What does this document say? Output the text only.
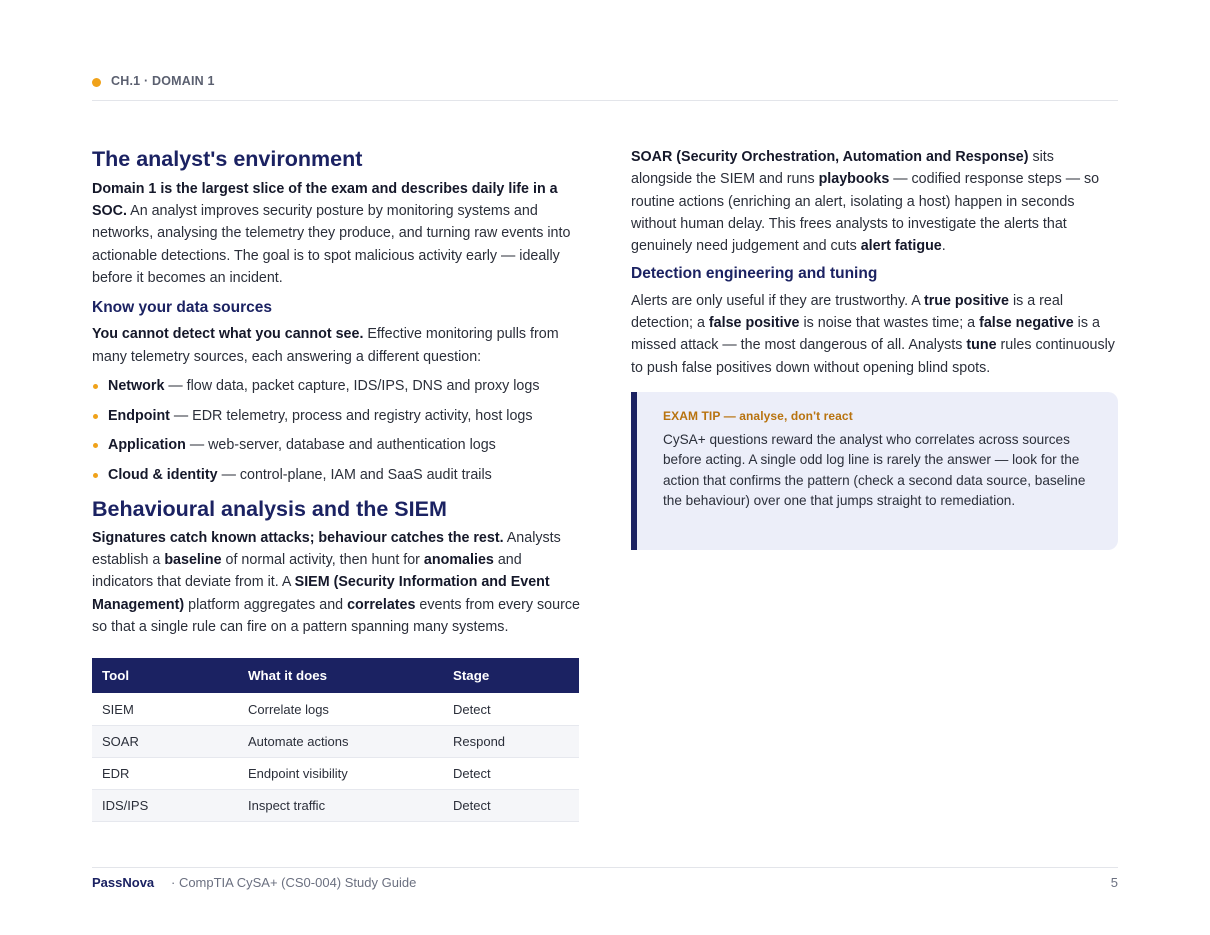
CH.1 · DOMAIN 1
The analyst's environment

Domain 1 is the largest slice of the exam and describes daily life in a SOC. An analyst improves security posture by monitoring systems and networks, analysing the telemetry they produce, and turning raw events into actionable detections. The goal is to spot malicious activity early — ideally before it becomes an incident.

Know your data sources

You cannot detect what you cannot see. Effective monitoring pulls from many telemetry sources, each answering a different question:

Network — flow data, packet capture, IDS/IPS, DNS and proxy logs
Endpoint — EDR telemetry, process and registry activity, host logs
Application — web-server, database and authentication logs
Cloud & identity — control-plane, IAM and SaaS audit trails
Behavioural analysis and the SIEM

Signatures catch known attacks; behaviour catches the rest. Analysts establish a baseline of normal activity, then hunt for anomalies and indicators that deviate from it. A SIEM (Security Information and Event Management) platform aggregates and correlates events from every source so that a single rule can fire on a pattern spanning many systems.

Tool	What it does	Stage
SIEM	Correlate logs	Detect
SOAR	Automate actions	Respond
EDR	Endpoint visibility	Detect
IDS/IPS	Inspect traffic	Detect

SOAR (Security Orchestration, Automation and Response) sits alongside the SIEM and runs playbooks — codified response steps — so routine actions (enriching an alert, isolating a host) happen in seconds without human delay. This frees analysts to investigate the alerts that genuinely need judgement and cuts alert fatigue.

Detection engineering and tuning

Alerts are only useful if they are trustworthy. A true positive is a real detection; a false positive is noise that wastes time; a false negative is a missed attack — the most dangerous of all. Analysts tune rules continuously to push false positives down without opening blind spots.

EXAM TIP — analyse, don't react
CySA+ questions reward the analyst who correlates across sources before acting. A single odd log line is rarely the answer — look for the action that confirms the pattern (check a second data source, baseline the behaviour) over one that jumps straight to remediation.
PassNova · CompTIA CySA+ (CS0-004) Study Guide	5
